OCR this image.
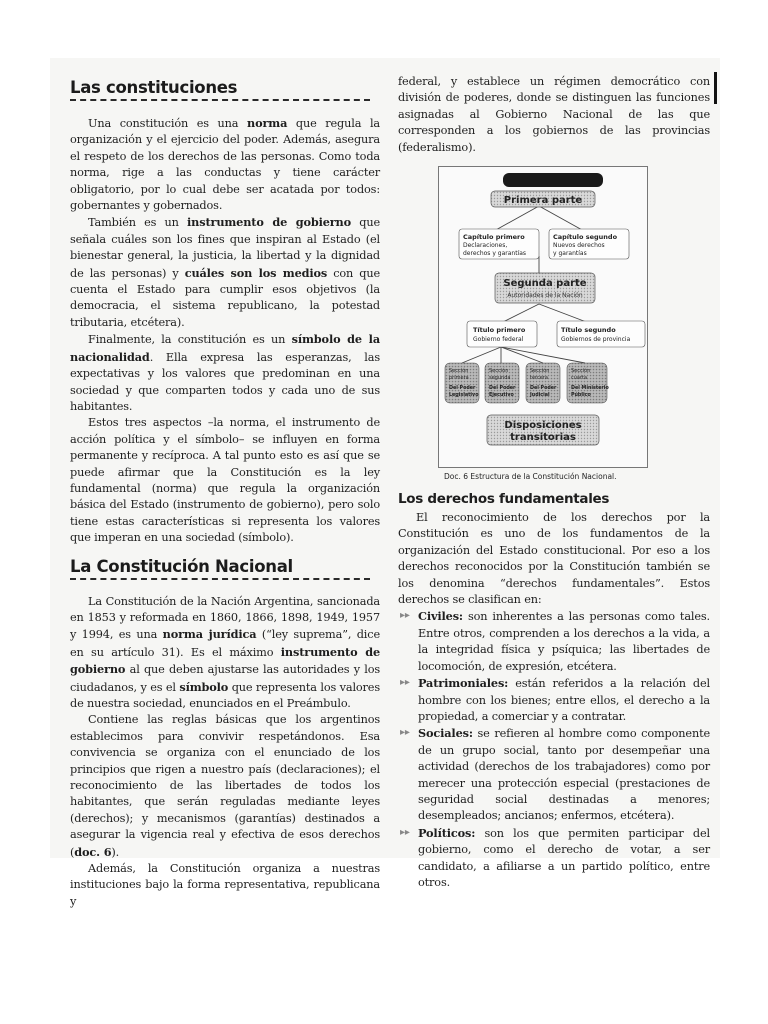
Las constituciones

Una constitución es una norma que regula la organización y el ejercicio del poder. Además, asegura el respeto de los derechos de las personas. Como toda norma, rige a las conductas y tiene carácter obligatorio, por lo cual debe ser acatada por todos: gobernantes y gobernados.

También es un instrumento de gobierno que señala cuáles son los fines que inspiran al Estado (el bienestar general, la justicia, la libertad y la dignidad de las personas) y cuáles son los medios con que cuenta el Estado para cumplir esos objetivos (la democracia, el sistema republicano, la potestad tributaria, etcétera).

Finalmente, la constitución es un símbolo de la nacionalidad. Ella expresa las esperanzas, las expectativas y los valores que predominan en una sociedad y que comparten todos y cada uno de sus habitantes.

Estos tres aspectos –la norma, el instrumento de acción política y el símbolo– se influyen en forma permanente y recíproca. A tal punto esto es así que se puede afirmar que la Constitución es la ley fundamental (norma) que regula la organización básica del Estado (instrumento de gobierno), pero solo tiene estas características si representa los valores que imperan en una sociedad (símbolo).

La Constitución Nacional

La Constitución de la Nación Argentina, sancionada en 1853 y reformada en 1860, 1866, 1898, 1949, 1957 y 1994, es una norma jurídica (“ley suprema”, dice en su artículo 31). Es el máximo instrumento de gobierno al que deben ajustarse las autoridades y los ciudadanos, y es el símbolo que representa los valores de nuestra sociedad, enunciados en el Preámbulo.

Contiene las reglas básicas que los argentinos establecimos para convivir respetándonos. Esa convivencia se organiza con el enunciado de los principios que rigen a nuestro país (declaraciones); el reconocimiento de las libertades de todos los habitantes, que serán reguladas mediante leyes (derechos); y mecanismos (garantías) destinados a asegurar la vigencia real y efectiva de esos derechos (doc. 6).

Además, la Constitución organiza a nuestras instituciones bajo la forma representativa, republicana y

federal, y establece un régimen democrático con división de poderes, donde se distinguen las funciones asignadas al Gobierno Nacional de las que corresponden a los gobiernos de las provincias (federalismo).

Primera parte
Capítulo primero
Declaraciones,
derechos y garantías
Capítulo segundo
Nuevos derechos
y garantías
Segunda parte
Autoridades de la Nación
Título primero
Gobierno federal
Título segundo
Gobiernos de provincia
Sección
primera
Del Poder
Legislativo
Sección
segunda
Del Poder
Ejecutivo
Sección
tercera
Del Poder
Judicial
Sección
cuarta
Del Ministerio
Público
Disposiciones
transitorias
Doc. 6 Estructura de la Constitución Nacional.
Los derechos fundamentales

El reconocimiento de los derechos por la Constitución es uno de los fundamentos de la organización del Estado constitucional. Por eso a los derechos reconocidos por la Constitución también se los denomina “derechos fundamentales”. Estos derechos se clasifican en:

▸▸ Civiles: son inherentes a las personas como tales. Entre otros, comprenden a los derechos a la vida, a la integridad física y psíquica; las libertades de locomoción, de expresión, etcétera.
▸▸ Patrimoniales: están referidos a la relación del hombre con los bienes; entre ellos, el derecho a la propiedad, a comerciar y a contratar.
▸▸ Sociales: se refieren al hombre como componente de un grupo social, tanto por desempeñar una actividad (derechos de los trabajadores) como por merecer una protección especial (prestaciones de seguridad social destinadas a menores; desempleados; ancianos; enfermos, etcétera).
▸▸ Políticos: son los que permiten participar del gobierno, como el derecho de votar, a ser candidato, a afiliarse a un partido político, entre otros.
